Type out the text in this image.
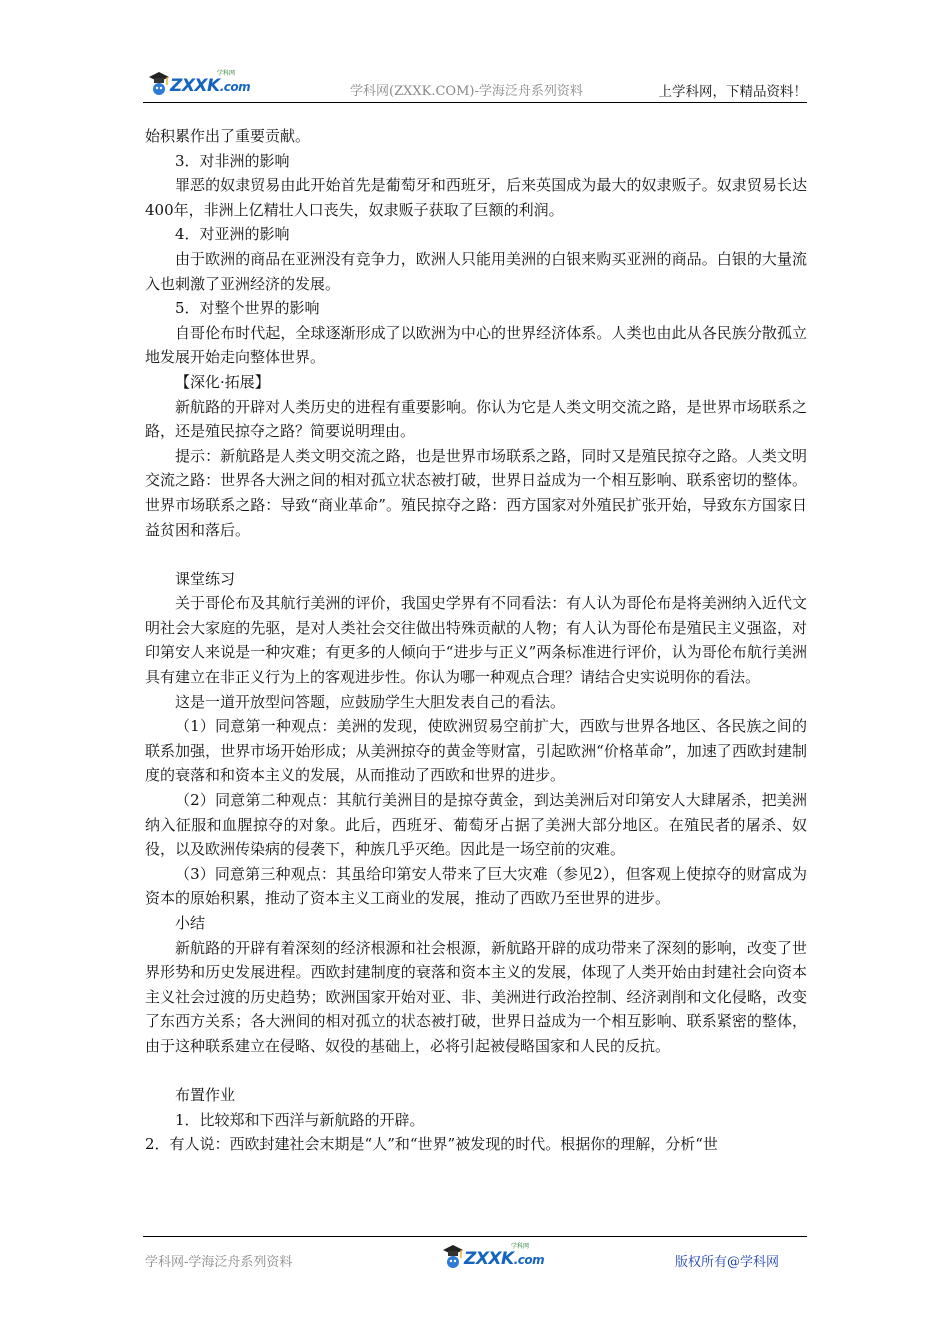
ZXXK.com
学科网
学科网(ZXXK.COM)-学海泛舟系列资料	上学科网，下精品资料！

始积累作出了重要贡献。

3．对非洲的影响

罪恶的奴隶贸易由此开始首先是葡萄牙和西班牙，后来英国成为最大的奴隶贩子。奴隶贸易长达400年，非洲上亿精壮人口丧失，奴隶贩子获取了巨额的利润。

4．对亚洲的影响

由于欧洲的商品在亚洲没有竞争力，欧洲人只能用美洲的白银来购买亚洲的商品。白银的大量流入也刺激了亚洲经济的发展。

5．对整个世界的影响

自哥伦布时代起，全球逐渐形成了以欧洲为中心的世界经济体系。人类也由此从各民族分散孤立地发展开始走向整体世界。

【深化·拓展】

新航路的开辟对人类历史的进程有重要影响。你认为它是人类文明交流之路，是世界市场联系之路，还是殖民掠夺之路？简要说明理由。

提示：新航路是人类文明交流之路，也是世界市场联系之路，同时又是殖民掠夺之路。人类文明交流之路：世界各大洲之间的相对孤立状态被打破，世界日益成为一个相互影响、联系密切的整体。世界市场联系之路：导致“商业革命”。殖民掠夺之路：西方国家对外殖民扩张开始，导致东方国家日益贫困和落后。

课堂练习

关于哥伦布及其航行美洲的评价，我国史学界有不同看法：有人认为哥伦布是将美洲纳入近代文明社会大家庭的先驱，是对人类社会交往做出特殊贡献的人物；有人认为哥伦布是殖民主义强盗，对印第安人来说是一种灾难；有更多的人倾向于“进步与正义”两条标准进行评价，认为哥伦布航行美洲具有建立在非正义行为上的客观进步性。你认为哪一种观点合理？请结合史实说明你的看法。

这是一道开放型问答题，应鼓励学生大胆发表自己的看法。

（1）同意第一种观点：美洲的发现，使欧洲贸易空前扩大，西欧与世界各地区、各民族之间的联系加强，世界市场开始形成；从美洲掠夺的黄金等财富，引起欧洲“价格革命”，加速了西欧封建制度的衰落和和资本主义的发展，从而推动了西欧和世界的进步。

（2）同意第二种观点：其航行美洲目的是掠夺黄金，到达美洲后对印第安人大肆屠杀，把美洲纳入征服和血腥掠夺的对象。此后，西班牙、葡萄牙占据了美洲大部分地区。在殖民者的屠杀、奴役，以及欧洲传染病的侵袭下，种族几乎灭绝。因此是一场空前的灾难。

（3）同意第三种观点：其虽给印第安人带来了巨大灾难（参见2），但客观上使掠夺的财富成为资本的原始积累，推动了资本主义工商业的发展，推动了西欧乃至世界的进步。

小结

新航路的开辟有着深刻的经济根源和社会根源，新航路开辟的成功带来了深刻的影响，改变了世界形势和历史发展进程。西欧封建制度的衰落和资本主义的发展，体现了人类开始由封建社会向资本主义社会过渡的历史趋势；欧洲国家开始对亚、非、美洲进行政治控制、经济剥削和文化侵略，改变了东西方关系；各大洲间的相对孤立的状态被打破，世界日益成为一个相互影响、联系紧密的整体，由于这种联系建立在侵略、奴役的基础上，必将引起被侵略国家和人民的反抗。

布置作业

1．比较郑和下西洋与新航路的开辟。

2．有人说：西欧封建社会末期是“人”和“世界”被发现的时代。根据你的理解，分析“世

学科网-学海泛舟系列资料	ZXXK.com
学科网
版权所有@学科网
